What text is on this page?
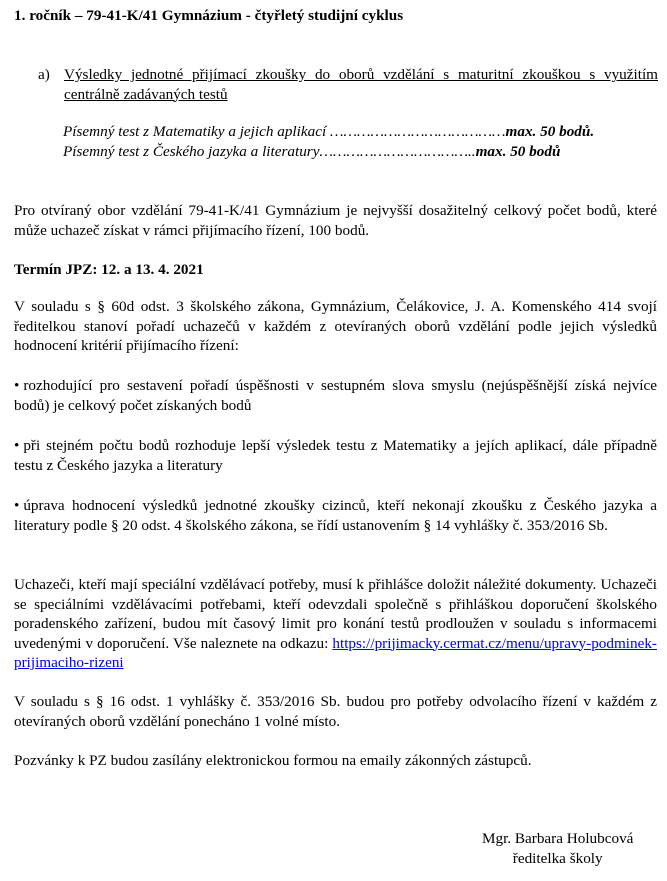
1. ročník – 79-41-K/41 Gymnázium - čtyřletý studijní cyklus
a) Výsledky jednotné přijímací zkoušky do oborů vzdělání s maturitní zkouškou s využitím centrálně zadávaných testů
Písemný test z Matematiky a jejich aplikací …………………………………max. 50 bodů.
Písemný test z Českého jazyka a literatury……………………………..max. 50 bodů
Pro otvíraný obor vzdělání 79-41-K/41 Gymnázium je nejvyšší dosažitelný celkový počet bodů, které může uchazeč získat v rámci přijímacího řízení, 100 bodů.
Termín JPZ: 12. a 13. 4. 2021
V souladu s § 60d odst. 3 školského zákona, Gymnázium, Čelákovice, J. A. Komenského 414 svojí ředitelkou stanoví pořadí uchazečů v každém z otevíraných oborů vzdělání podle jejich výsledků hodnocení kritérií přijímacího řízení:
• rozhodující pro sestavení pořadí úspěšnosti v sestupném slova smyslu (nejúspěšnější získá nejvíce bodů) je celkový počet získaných bodů
• při stejném počtu bodů rozhoduje lepší výsledek testu z Matematiky a jejích aplikací, dále případně testu z Českého jazyka a literatury
• úprava hodnocení výsledků jednotné zkoušky cizinců, kteří nekonají zkoušku z Českého jazyka a literatury podle § 20 odst. 4 školského zákona, se řídí ustanovením § 14 vyhlášky č. 353/2016 Sb.
Uchazeči, kteří mají speciální vzdělávací potřeby, musí k přihlášce doložit náležité dokumenty. Uchazeči se speciálními vzdělávacími potřebami, kteří odevzdali společně s přihláškou doporučení školského poradenského zařízení, budou mít časový limit pro konání testů prodloužen v souladu s informacemi uvedenými v doporučení. Vše naleznete na odkazu: https://prijimacky.cermat.cz/menu/upravy-podminek-prijimaciho-rizeni
V souladu s § 16 odst. 1 vyhlášky č. 353/2016 Sb. budou pro potřeby odvolacího řízení v každém z otevíraných oborů vzdělání ponecháno 1 volné místo.
Pozvánky k PZ budou zasílány elektronickou formou na emaily zákonných zástupců.
Mgr. Barbara Holubcová
ředitelka školy
